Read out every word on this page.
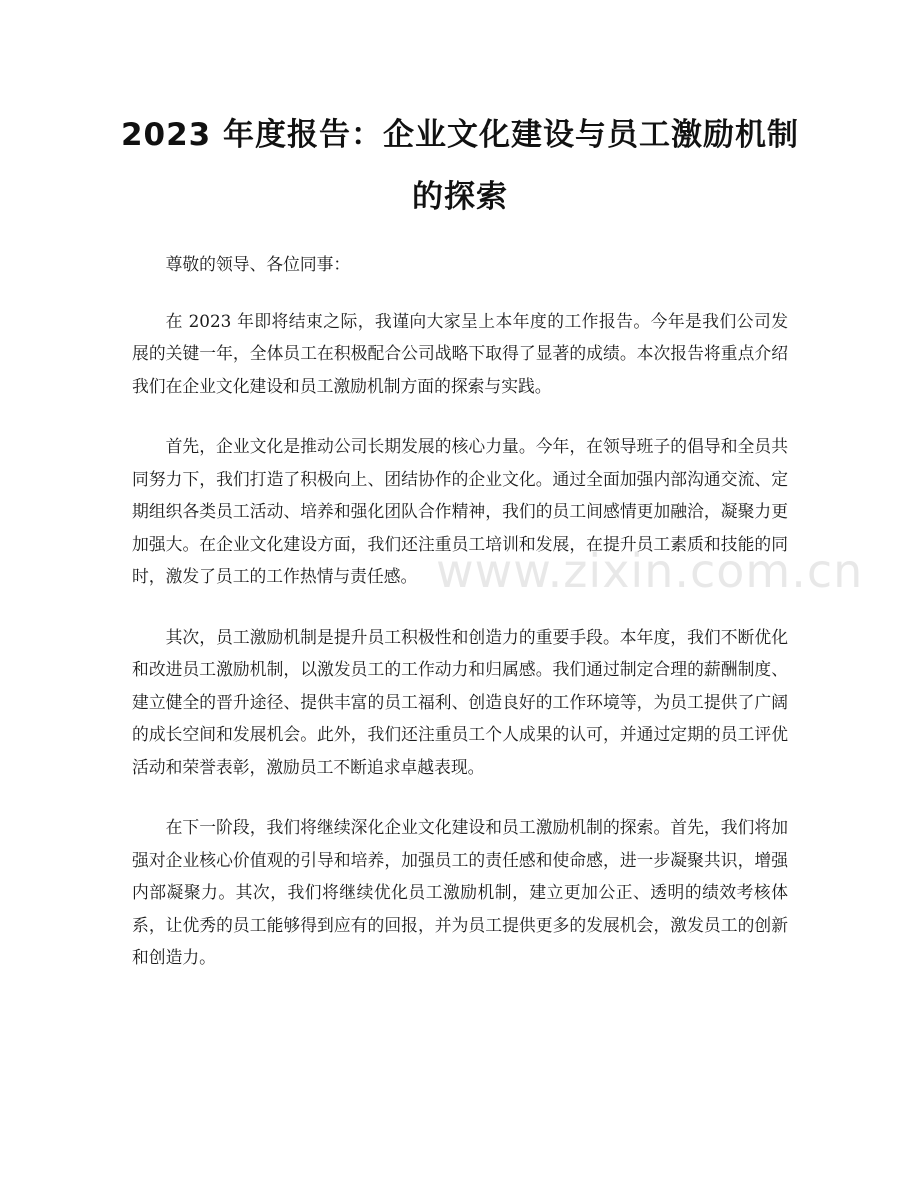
2023 年度报告：企业文化建设与员工激励机制的探索

尊敬的领导、各位同事：

在 2023 年即将结束之际，我谨向大家呈上本年度的工作报告。今年是我们公司发展的关键一年，全体员工在积极配合公司战略下取得了显著的成绩。本次报告将重点介绍我们在企业文化建设和员工激励机制方面的探索与实践。

首先，企业文化是推动公司长期发展的核心力量。今年，在领导班子的倡导和全员共同努力下，我们打造了积极向上、团结协作的企业文化。通过全面加强内部沟通交流、定期组织各类员工活动、培养和强化团队合作精神，我们的员工间感情更加融洽，凝聚力更加强大。在企业文化建设方面，我们还注重员工培训和发展，在提升员工素质和技能的同时，激发了员工的工作热情与责任感。

其次，员工激励机制是提升员工积极性和创造力的重要手段。本年度，我们不断优化和改进员工激励机制，以激发员工的工作动力和归属感。我们通过制定合理的薪酬制度、建立健全的晋升途径、提供丰富的员工福利、创造良好的工作环境等，为员工提供了广阔的成长空间和发展机会。此外，我们还注重员工个人成果的认可，并通过定期的员工评优活动和荣誉表彰，激励员工不断追求卓越表现。

在下一阶段，我们将继续深化企业文化建设和员工激励机制的探索。首先，我们将加强对企业核心价值观的引导和培养，加强员工的责任感和使命感，进一步凝聚共识，增强内部凝聚力。其次，我们将继续优化员工激励机制，建立更加公正、透明的绩效考核体系，让优秀的员工能够得到应有的回报，并为员工提供更多的发展机会，激发员工的创新和创造力。

www.zixin.com.cn
